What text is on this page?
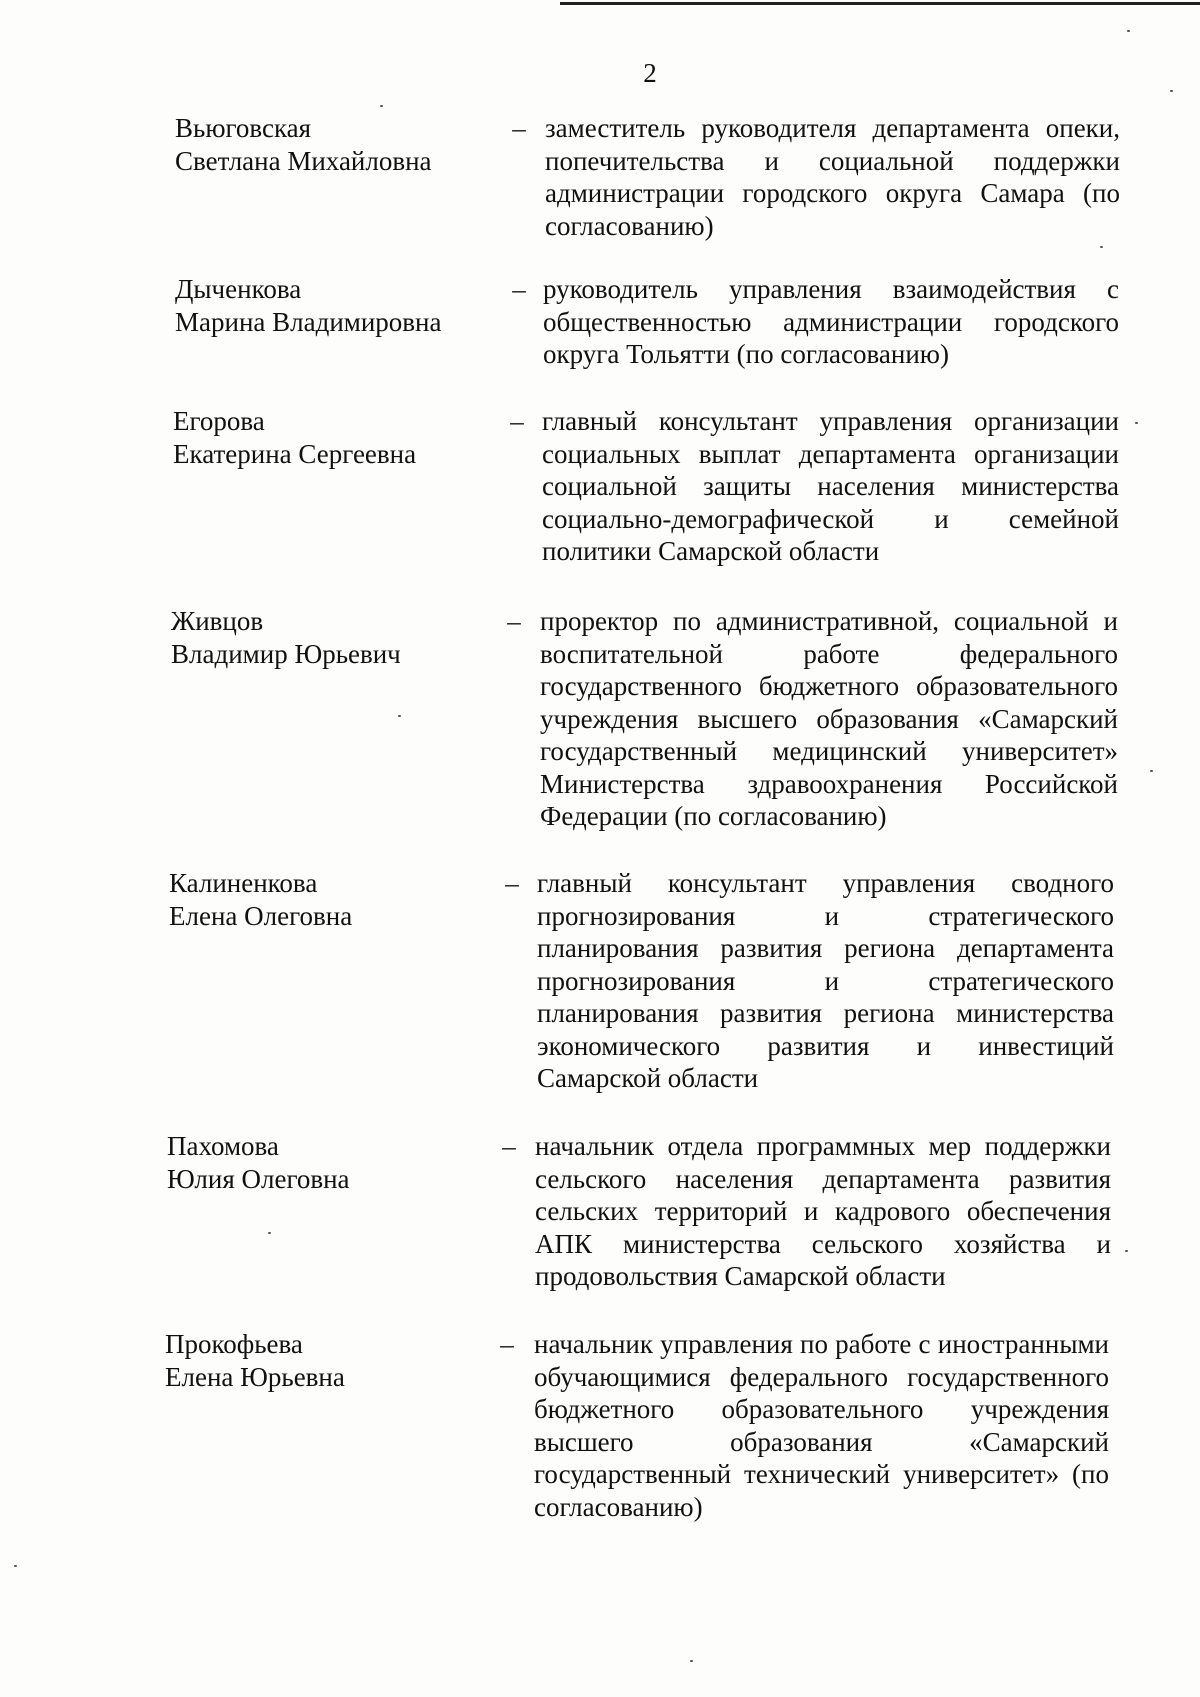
2
Вьюговская
Светлана Михайловна
– заместитель руководителя департамента опеки, попечительства и социальной поддержки администрации городского округа Самара (по согласованию)
Дыченкова
Марина Владимировна
– руководитель управления взаимодействия с общественностью администрации городского округа Тольятти (по согласованию)
Егорова
Екатерина Сергеевна
– главный консультант управления организации социальных выплат департамента организации социальной защиты населения министерства социально-демографической и семейной политики Самарской области
Живцов
Владимир Юрьевич
– проректор по административной, социальной и воспитательной работе федерального государственного бюджетного образовательного учреждения высшего образования «Самарский государственный медицинский университет» Министерства здравоохранения Российской Федерации (по согласованию)
Калиненкова
Елена Олеговна
– главный консультант управления сводного прогнозирования и стратегического планирования развития региона департамента прогнозирования и стратегического планирования развития региона министерства экономического развития и инвестиций Самарской области
Пахомова
Юлия Олеговна
– начальник отдела программных мер поддержки сельского населения департамента развития сельских территорий и кадрового обеспечения АПК министерства сельского хозяйства и продовольствия Самарской области
Прокофьева
Елена Юрьевна
– начальник управления по работе с иностранными обучающимися федерального государственного бюджетного образовательного учреждения высшего образования «Самарский государственный технический университет» (по согласованию)
